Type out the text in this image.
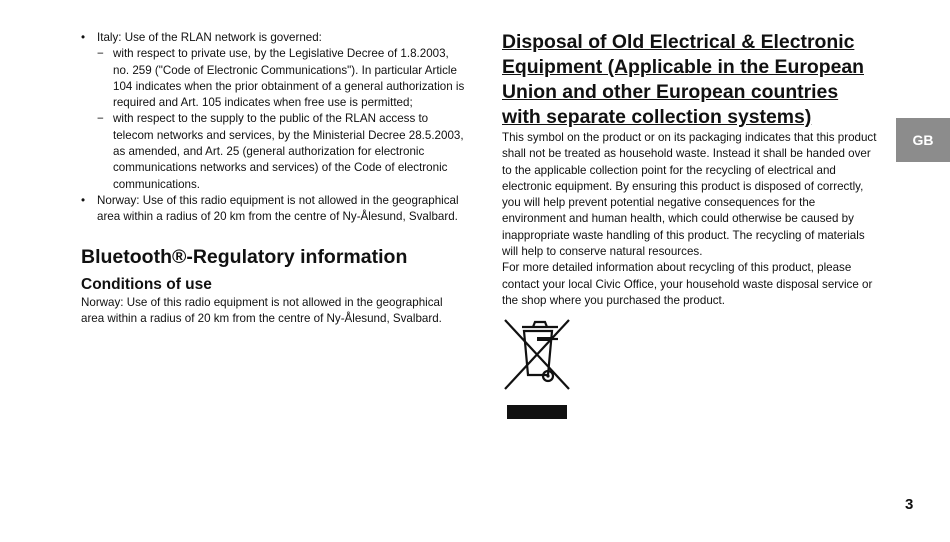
• Italy: Use of the RLAN network is governed:
− with respect to private use, by the Legislative Decree of 1.8.2003, no. 259 ("Code of Electronic Communications"). In particular Article 104 indicates when the prior obtainment of a general authorization is required and Art. 105 indicates when free use is permitted;
− with respect to the supply to the public of the RLAN access to telecom networks and services, by the Ministerial Decree 28.5.2003, as amended, and Art. 25 (general authorization for electronic communications networks and services) of the Code of electronic communications.
• Norway: Use of this radio equipment is not allowed in the geographical area within a radius of 20 km from the centre of Ny-Ålesund, Svalbard.
Bluetooth®-Regulatory information
Conditions of use

Norway: Use of this radio equipment is not allowed in the geographical area within a radius of 20 km from the centre of Ny-Ålesund, Svalbard.

Disposal of Old Electrical & Electronic Equipment (Applicable in the European Union and other European countries with separate collection systems)

This symbol on the product or on its packaging indicates that this product shall not be treated as household waste. Instead it shall be handed over to the applicable collection point for the recycling of electrical and electronic equipment. By ensuring this product is disposed of correctly, you will help prevent potential negative consequences for the environment and human health, which could otherwise be caused by inappropriate waste handling of this product. The recycling of materials will help to conserve natural resources.

For more detailed information about recycling of this product, please contact your local Civic Office, your household waste disposal service or the shop where you purchased the product.

GB
3
